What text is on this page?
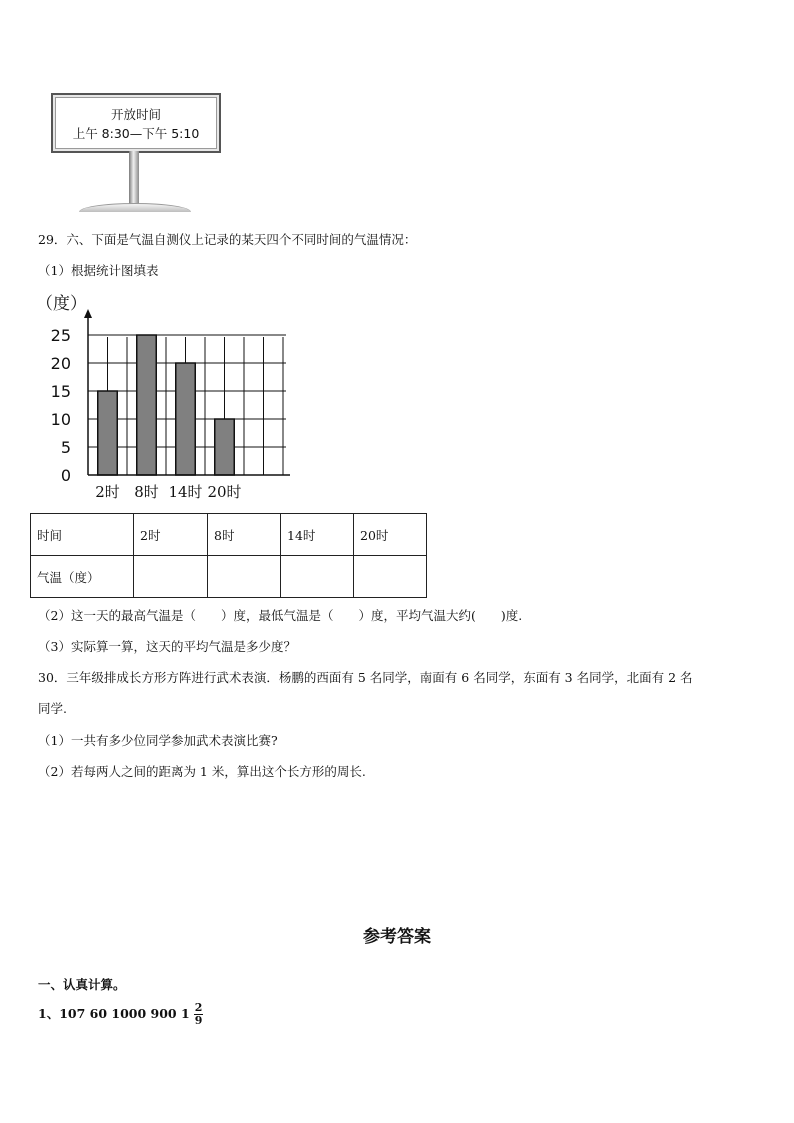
开放时间
上午 8:30—下午 5:10
29．六、下面是气温自测仪上记录的某天四个不同时间的气温情况：
（1）根据统计图填表
（度）
0
5
10
15
20
25
2时 8时 14时 20时
时间	2时	8时	14时	20时
气温（度）				
（2）这一天的最高气温是（　　）度，最低气温是（　　）度，平均气温大约(　　)度.
（3）实际算一算，这天的平均气温是多少度？
30．三年级排成长方形方阵进行武术表演．杨鹏的西面有 5 名同学，南面有 6 名同学，东面有 3 名同学，北面有 2 名
同学.
（1）一共有多少位同学参加武术表演比赛?
（2）若每两人之间的距离为 1 米，算出这个长方形的周长.
参考答案
一、认真计算。
1、107 60 1000 900 $1 \frac{2}{9}$
